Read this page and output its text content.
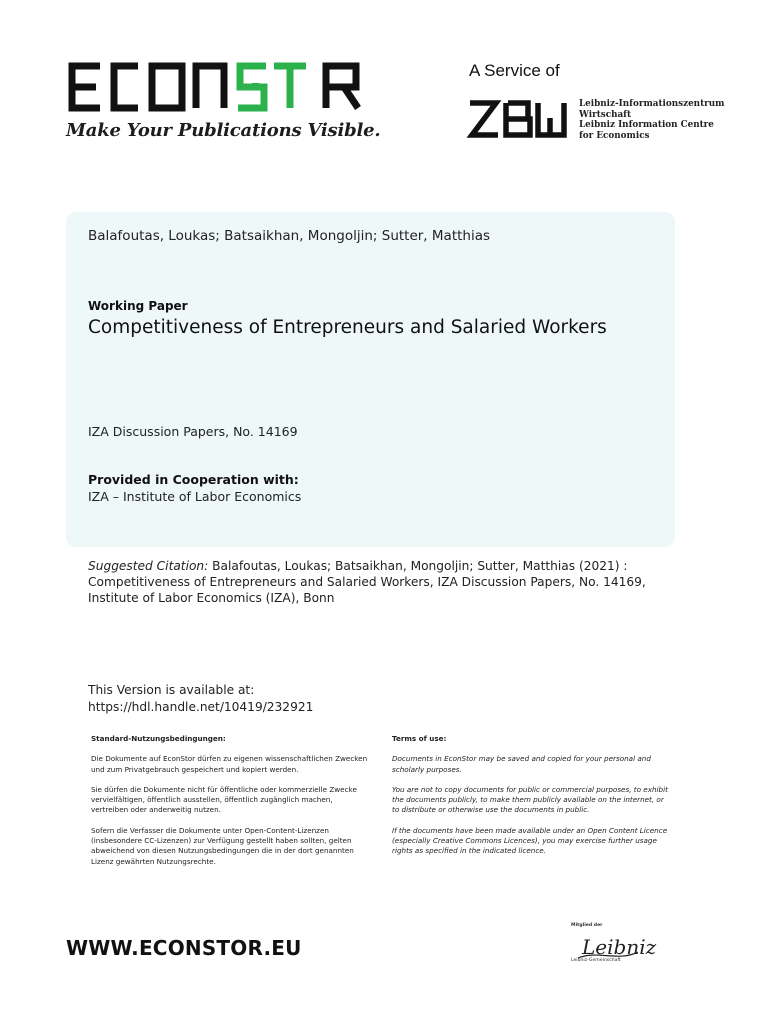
Make Your Publications Visible.
A Service of
Leibniz-Informationszentrum
Wirtschaft
Leibniz Information Centre
for Economics
Balafoutas, Loukas; Batsaikhan, Mongoljin; Sutter, Matthias
Working Paper
Competitiveness of Entrepreneurs and Salaried Workers
IZA Discussion Papers, No. 14169
Provided in Cooperation with:
IZA – Institute of Labor Economics
Suggested Citation: Balafoutas, Loukas; Batsaikhan, Mongoljin; Sutter, Matthias (2021) : Competitiveness of Entrepreneurs and Salaried Workers, IZA Discussion Papers, No. 14169, Institute of Labor Economics (IZA), Bonn
This Version is available at:
https://hdl.handle.net/10419/232921
Standard-Nutzungsbedingungen:

Die Dokumente auf EconStor dürfen zu eigenen wissenschaftlichen Zwecken und zum Privatgebrauch gespeichert und kopiert werden.

Sie dürfen die Dokumente nicht für öffentliche oder kommerzielle Zwecke vervielfältigen, öffentlich ausstellen, öffentlich zugänglich machen, vertreiben oder anderweitig nutzen.

Sofern die Verfasser die Dokumente unter Open-Content-Lizenzen (insbesondere CC-Lizenzen) zur Verfügung gestellt haben sollten, gelten abweichend von diesen Nutzungsbedingungen die in der dort genannten Lizenz gewährten Nutzungsrechte.

Terms of use:

Documents in EconStor may be saved and copied for your personal and scholarly purposes.

You are not to copy documents for public or commercial purposes, to exhibit the documents publicly, to make them publicly available on the internet, or to distribute or otherwise use the documents in public.

If the documents have been made available under an Open Content Licence (especially Creative Commons Licences), you may exercise further usage rights as specified in the indicated licence.

WWW.ECONSTOR.EU	Leibniz
Mitglied der
Leibniz-Gemeinschaft
